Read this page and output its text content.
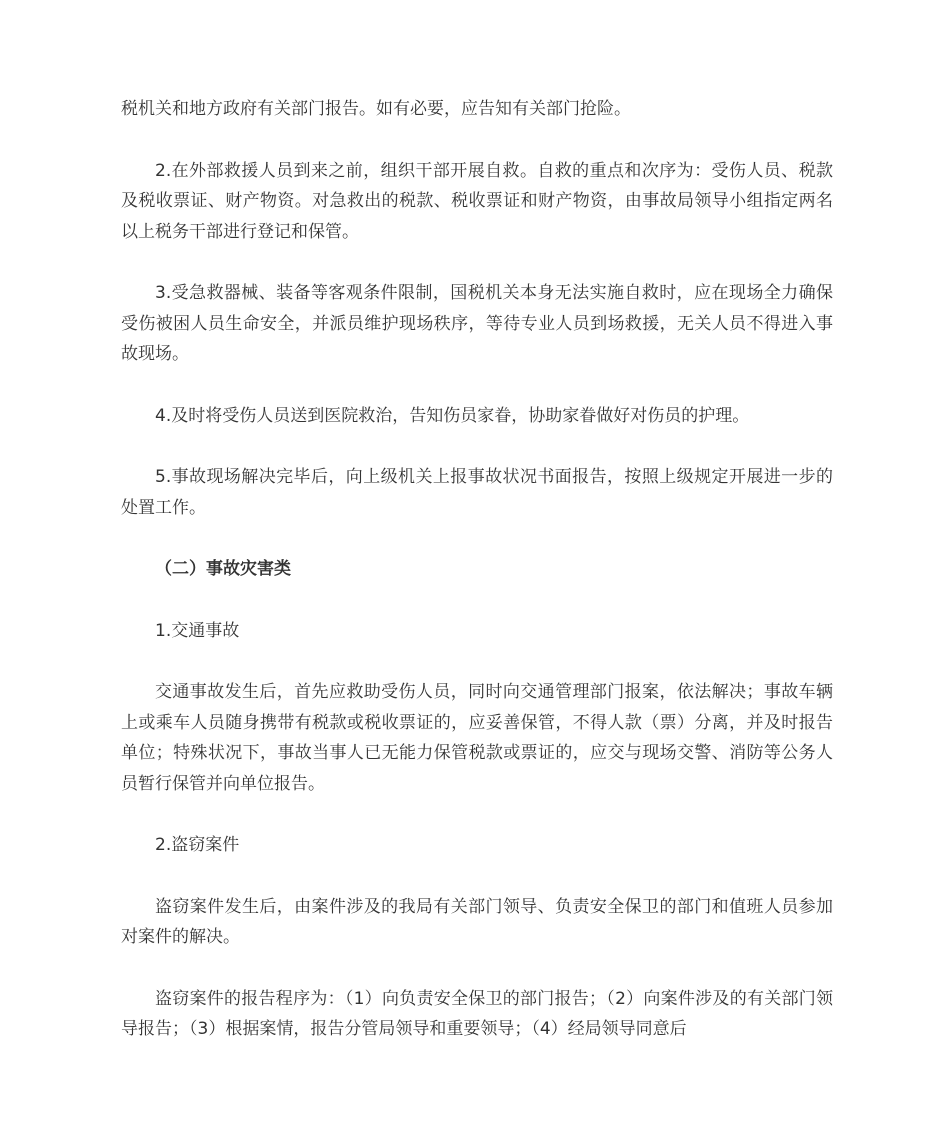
税机关和地方政府有关部门报告。如有必要，应告知有关部门抢险。

2.在外部救援人员到来之前，组织干部开展自救。自救的重点和次序为：受伤人员、税款及税收票证、财产物资。对急救出的税款、税收票证和财产物资，由事故局领导小组指定两名以上税务干部进行登记和保管。

3.受急救器械、装备等客观条件限制，国税机关本身无法实施自救时，应在现场全力确保受伤被困人员生命安全，并派员维护现场秩序，等待专业人员到场救援，无关人员不得进入事故现场。

4.及时将受伤人员送到医院救治，告知伤员家眷，协助家眷做好对伤员的护理。

5.事故现场解决完毕后，向上级机关上报事故状况书面报告，按照上级规定开展进一步的处置工作。

（二）事故灾害类

1.交通事故

交通事故发生后，首先应救助受伤人员，同时向交通管理部门报案，依法解决；事故车辆上或乘车人员随身携带有税款或税收票证的，应妥善保管，不得人款（票）分离，并及时报告单位；特殊状况下，事故当事人已无能力保管税款或票证的，应交与现场交警、消防等公务人员暂行保管并向单位报告。

2.盗窃案件

盗窃案件发生后，由案件涉及的我局有关部门领导、负责安全保卫的部门和值班人员参加对案件的解决。

盗窃案件的报告程序为：（1）向负责安全保卫的部门报告；（2）向案件涉及的有关部门领导报告；（3）根据案情，报告分管局领导和重要领导；（4）经局领导同意后
